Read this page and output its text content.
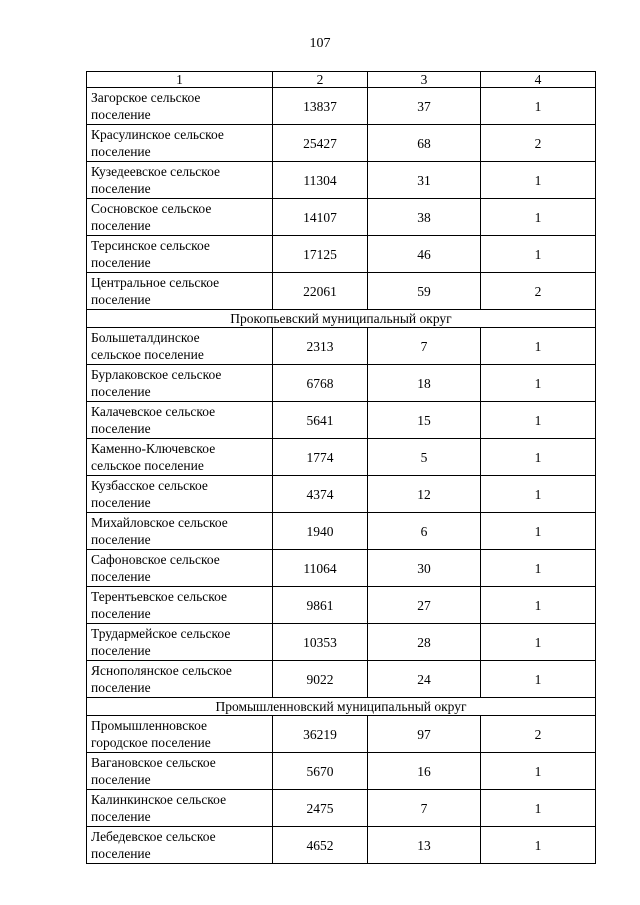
107
1	2	3	4
Загорское сельское
поселение	13837	37	1
Красулинское сельское
поселение	25427	68	2
Кузедеевское сельское
поселение	11304	31	1
Сосновское сельское
поселение	14107	38	1
Терсинское сельское
поселение	17125	46	1
Центральное сельское
поселение	22061	59	2
Прокопьевский муниципальный округ			
Большеталдинское
сельское поселение	2313	7	1
Бурлаковское сельское
поселение	6768	18	1
Калачевское сельское
поселение	5641	15	1
Каменно-Ключевское
сельское поселение	1774	5	1
Кузбасское сельское
поселение	4374	12	1
Михайловское сельское
поселение	1940	6	1
Сафоновское сельское
поселение	11064	30	1
Терентьевское сельское
поселение	9861	27	1
Трудармейское сельское
поселение	10353	28	1
Яснополянское сельское
поселение	9022	24	1
Промышленновский муниципальный округ			
Промышленновское
городское поселение	36219	97	2
Вагановское сельское
поселение	5670	16	1
Калинкинское сельское
поселение	2475	7	1
Лебедевское сельское
поселение	4652	13	1
